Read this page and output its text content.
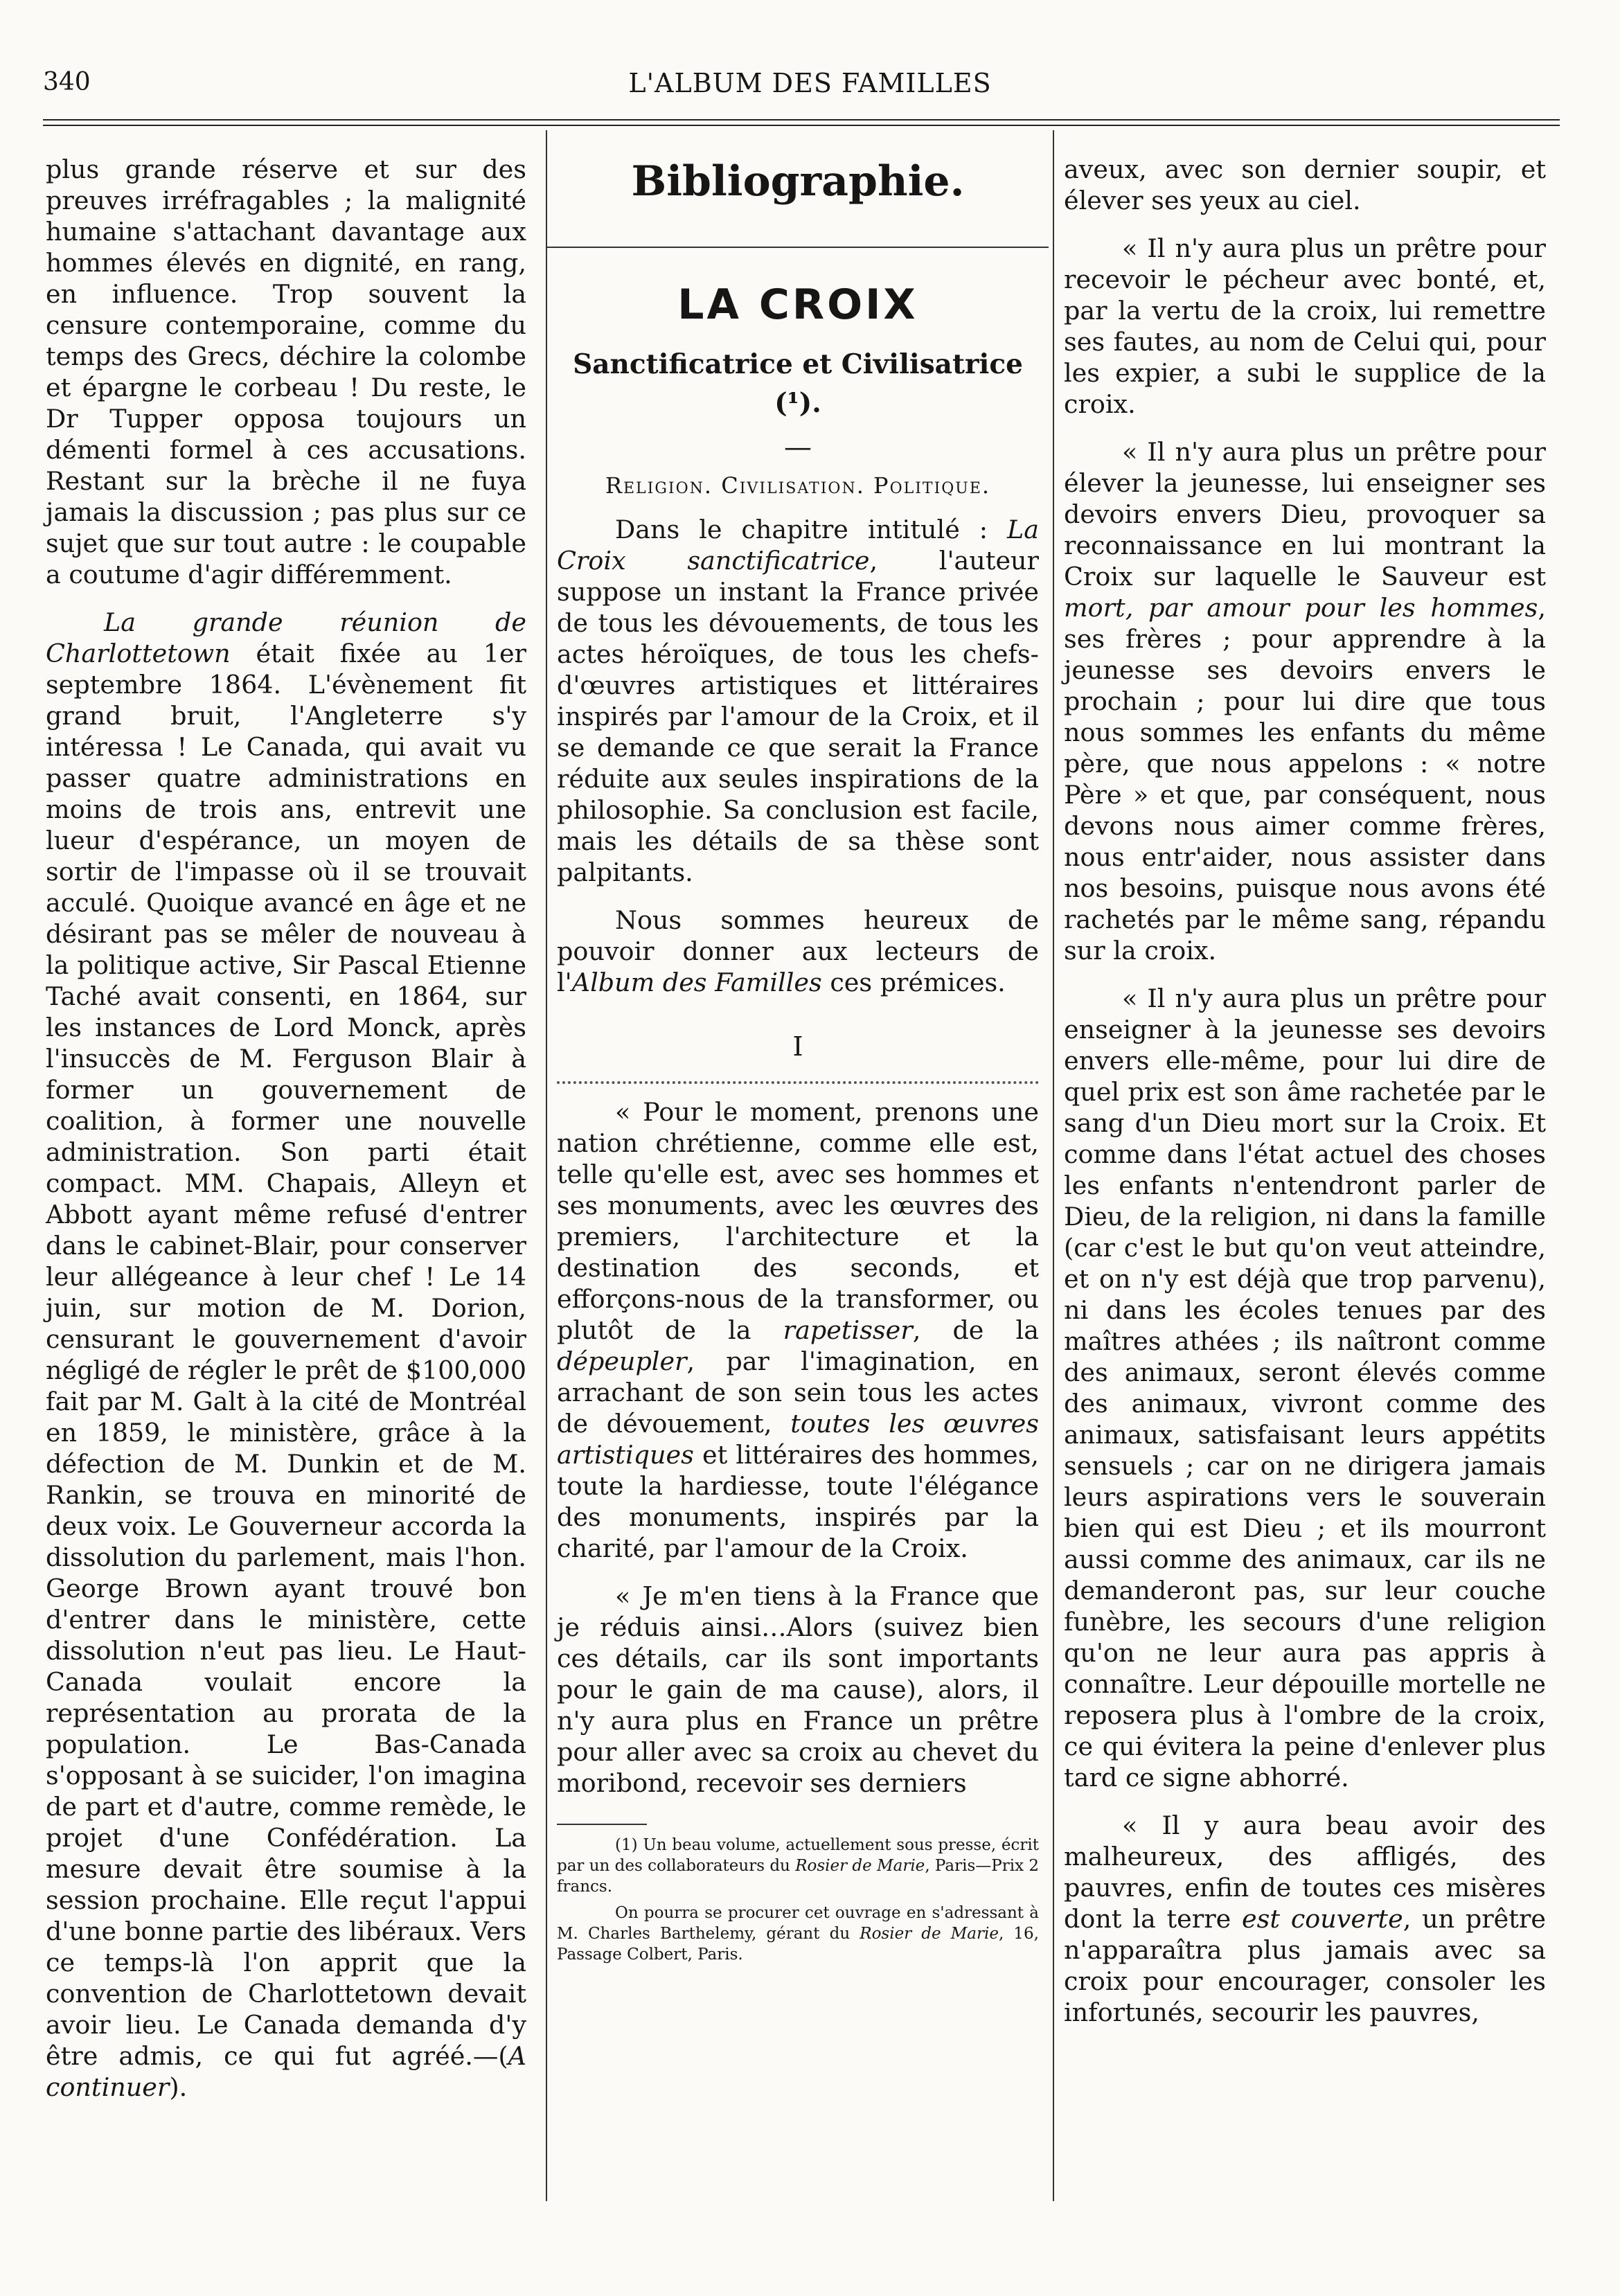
340	L'ALBUM DES FAMILLES

plus grande réserve et sur des preuves irréfragables ; la malignité humaine s'attachant davantage aux hommes élevés en dignité, en rang, en influence. Trop souvent la censure contemporaine, comme du temps des Grecs, déchire la colombe et épargne le corbeau ! Du reste, le Dr Tupper opposa toujours un démenti formel à ces accusations. Restant sur la brèche il ne fuya jamais la discussion ; pas plus sur ce sujet que sur tout autre : le coupable a coutume d'agir différemment.

La grande réunion de Charlottetown était fixée au 1er septembre 1864. L'évènement fit grand bruit, l'Angleterre s'y intéressa ! Le Canada, qui avait vu passer quatre administrations en moins de trois ans, entrevit une lueur d'espérance, un moyen de sortir de l'impasse où il se trouvait acculé. Quoique avancé en âge et ne désirant pas se mêler de nouveau à la politique active, Sir Pascal Etienne Taché avait consenti, en 1864, sur les instances de Lord Monck, après l'insuccès de M. Ferguson Blair à former un gouvernement de coalition, à former une nouvelle administration. Son parti était compact. MM. Chapais, Alleyn et Abbott ayant même refusé d'entrer dans le cabinet-Blair, pour conserver leur allégeance à leur chef ! Le 14 juin, sur motion de M. Dorion, censurant le gouvernement d'avoir négligé de régler le prêt de $100,000 fait par M. Galt à la cité de Montréal en 1859, le ministère, grâce à la défection de M. Dunkin et de M. Rankin, se trouva en minorité de deux voix. Le Gouverneur accorda la dissolution du parlement, mais l'hon. George Brown ayant trouvé bon d'entrer dans le ministère, cette dissolution n'eut pas lieu. Le Haut-Canada voulait encore la représentation au prorata de la population. Le Bas-Canada s'opposant à se suicider, l'on imagina de part et d'autre, comme remède, le projet d'une Confédération. La mesure devait être soumise à la session prochaine. Elle reçut l'appui d'une bonne partie des libéraux. Vers ce temps-là l'on apprit que la convention de Charlottetown devait avoir lieu. Le Canada demanda d'y être admis, ce qui fut agréé.—(A continuer).

Bibliographie.
LA CROIX
Sanctificatrice et Civilisatrice (¹).
—
Religion. Civilisation. Politique.

Dans le chapitre intitulé : La Croix sanctificatrice, l'auteur suppose un instant la France privée de tous les dévouements, de tous les actes héroïques, de tous les chefs-d'œuvres artistiques et littéraires inspirés par l'amour de la Croix, et il se demande ce que serait la France réduite aux seules inspirations de la philosophie. Sa conclusion est facile, mais les détails de sa thèse sont palpitants.

Nous sommes heureux de pouvoir donner aux lecteurs de l'Album des Familles ces prémices.

I

« Pour le moment, prenons une nation chrétienne, comme elle est, telle qu'elle est, avec ses hommes et ses monuments, avec les œuvres des premiers, l'architecture et la destination des seconds, et efforçons-nous de la transformer, ou plutôt de la rapetisser, de la dépeupler, par l'imagination, en arrachant de son sein tous les actes de dévouement, toutes les œuvres artistiques et littéraires des hommes, toute la hardiesse, toute l'élégance des monuments, inspirés par la charité, par l'amour de la Croix.

« Je m'en tiens à la France que je réduis ainsi…Alors (suivez bien ces détails, car ils sont importants pour le gain de ma cause), alors, il n'y aura plus en France un prêtre pour aller avec sa croix au chevet du moribond, recevoir ses derniers

(1) Un beau volume, actuellement sous presse, écrit par un des collaborateurs du Rosier de Marie, Paris—Prix 2 francs.

On pourra se procurer cet ouvrage en s'adressant à M. Charles Barthelemy, gérant du Rosier de Marie, 16, Passage Colbert, Paris.

aveux, avec son dernier soupir, et élever ses yeux au ciel.

« Il n'y aura plus un prêtre pour recevoir le pécheur avec bonté, et, par la vertu de la croix, lui remettre ses fautes, au nom de Celui qui, pour les expier, a subi le supplice de la croix.

« Il n'y aura plus un prêtre pour élever la jeunesse, lui enseigner ses devoirs envers Dieu, provoquer sa reconnaissance en lui montrant la Croix sur laquelle le Sauveur est mort, par amour pour les hommes, ses frères ; pour apprendre à la jeunesse ses devoirs envers le prochain ; pour lui dire que tous nous sommes les enfants du même père, que nous appelons : « notre Père » et que, par conséquent, nous devons nous aimer comme frères, nous entr'aider, nous assister dans nos besoins, puisque nous avons été rachetés par le même sang, répandu sur la croix.

« Il n'y aura plus un prêtre pour enseigner à la jeunesse ses devoirs envers elle-même, pour lui dire de quel prix est son âme rachetée par le sang d'un Dieu mort sur la Croix. Et comme dans l'état actuel des choses les enfants n'entendront parler de Dieu, de la religion, ni dans la famille (car c'est le but qu'on veut atteindre, et on n'y est déjà que trop parvenu), ni dans les écoles tenues par des maîtres athées ; ils naîtront comme des animaux, seront élevés comme des animaux, vivront comme des animaux, satisfaisant leurs appétits sensuels ; car on ne dirigera jamais leurs aspirations vers le souverain bien qui est Dieu ; et ils mourront aussi comme des animaux, car ils ne demanderont pas, sur leur couche funèbre, les secours d'une religion qu'on ne leur aura pas appris à connaître. Leur dépouille mortelle ne reposera plus à l'ombre de la croix, ce qui évitera la peine d'enlever plus tard ce signe abhorré.

« Il y aura beau avoir des malheureux, des affligés, des pauvres, enfin de toutes ces misères dont la terre est couverte, un prêtre n'apparaîtra plus jamais avec sa croix pour encourager, consoler les infortunés, secourir les pauvres,
